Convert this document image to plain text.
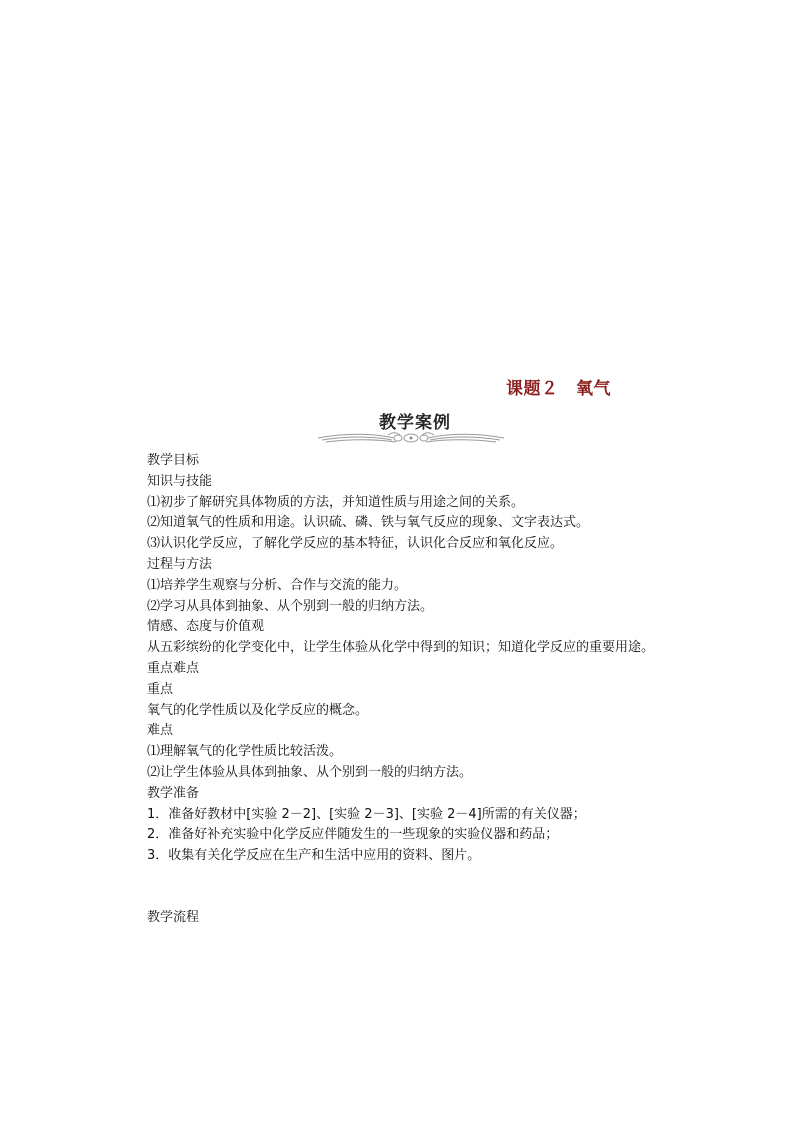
课题２　氧气
教学案例
教学目标
知识与技能
⑴初步了解研究具体物质的方法，并知道性质与用途之间的关系。
⑵知道氧气的性质和用途。认识硫、磷、铁与氧气反应的现象、文字表达式。
⑶认识化学反应，了解化学反应的基本特征，认识化合反应和氧化反应。
过程与方法
⑴培养学生观察与分析、合作与交流的能力。
⑵学习从具体到抽象、从个别到一般的归纳方法。
情感、态度与价值观
从五彩缤纷的化学变化中，让学生体验从化学中得到的知识；知道化学反应的重要用途。
重点难点
重点
氧气的化学性质以及化学反应的概念。
难点
⑴理解氧气的化学性质比较活泼。
⑵让学生体验从具体到抽象、从个别到一般的归纳方法。
教学准备
1．准备好教材中[实验 2－2]、[实验 2－3]、[实验 2－4]所需的有关仪器；
2．准备好补充实验中化学反应伴随发生的一些现象的实验仪器和药品；
3．收集有关化学反应在生产和生活中应用的资料、图片。
教学流程
